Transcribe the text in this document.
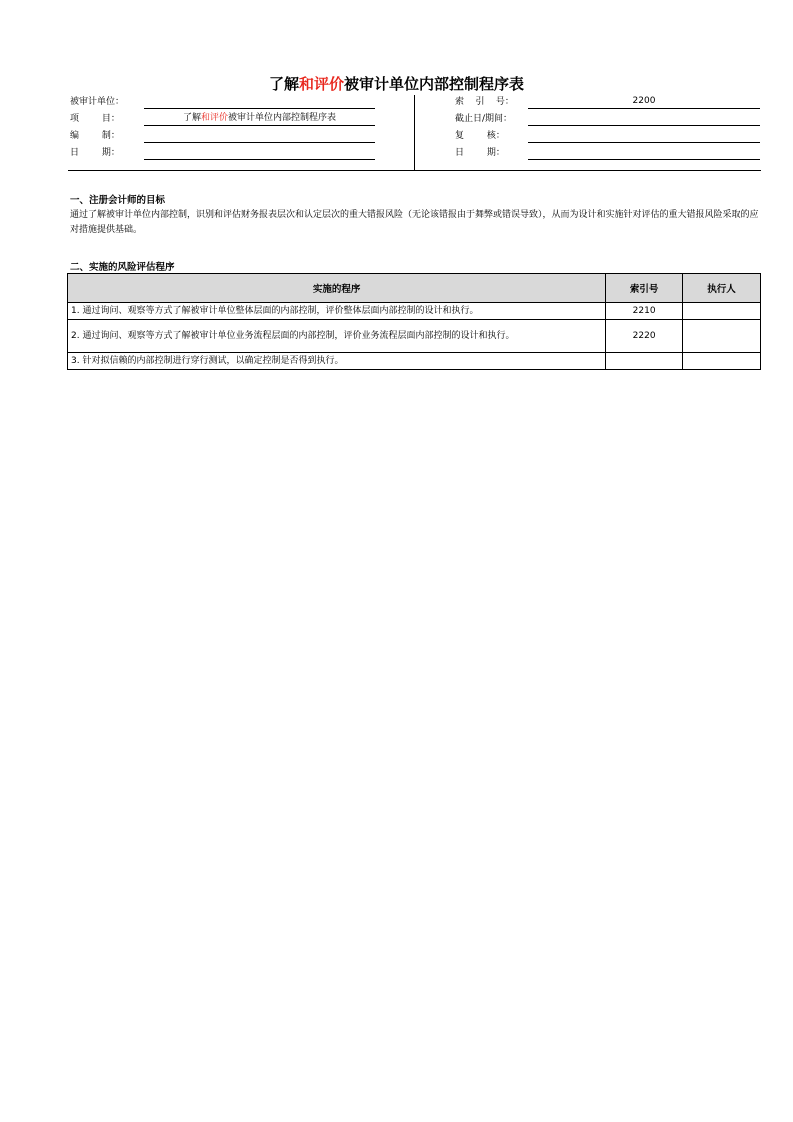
了解和评价被审计单位内部控制程序表
被审计单位：
项        目：	了解和评价被审计单位内部控制程序表
编        制：
日        期：
索    引    号：	2200
截止日/期间：
复        核：
日        期：
一、注册会计师的目标
通过了解被审计单位内部控制，识别和评估财务报表层次和认定层次的重大错报风险（无论该错报由于舞弊或错误导致），从而为设计和实施针对评估的重大错报风险采取的应对措施提供基础。
二、实施的风险评估程序
实施的程序	索引号	执行人
1. 通过询问、观察等方式了解被审计单位整体层面的内部控制，评价整体层面内部控制的设计和执行。	2210	
2. 通过询问、观察等方式了解被审计单位业务流程层面的内部控制，评价业务流程层面内部控制的设计和执行。	2220	
3. 针对拟信赖的内部控制进行穿行测试，以确定控制是否得到执行。		
